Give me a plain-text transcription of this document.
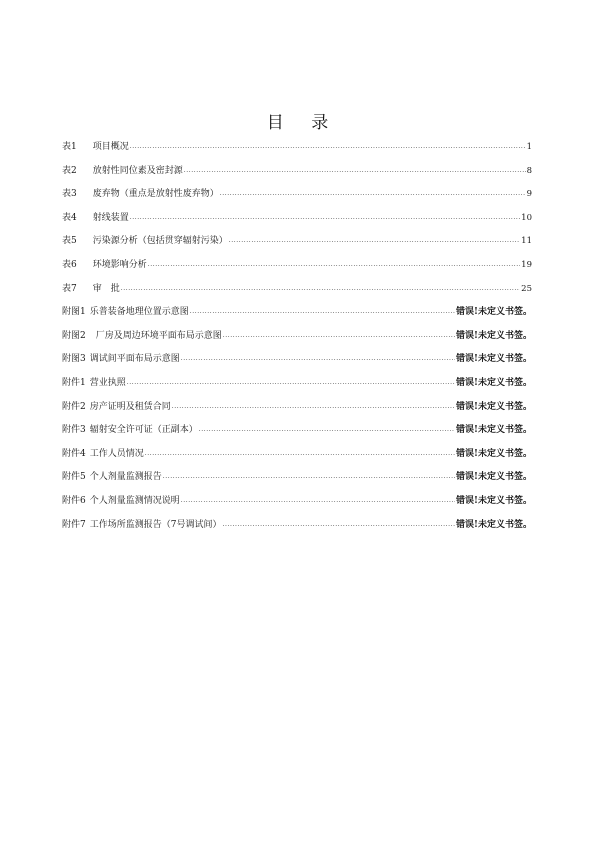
目 录
表1 项目概况 .....	1
表2 放射性同位素及密封源 .....	8
表3 废弃物（重点是放射性废弃物） .....	9
表4 射线装置 .....	10
表5 污染源分析（包括贯穿辐射污染） .....	11
表6 环境影响分析 .....	19
表7 审　批 .....	25
附图1 乐普装备地理位置示意图 .....	错误!未定义书签。
附图2 厂房及周边环境平面布局示意图 .....	错误!未定义书签。
附图3 调试间平面布局示意图 .....	错误!未定义书签。
附件1 营业执照 .....	错误!未定义书签。
附件2 房产证明及租赁合同 .....	错误!未定义书签。
附件3 辐射安全许可证（正副本） .....	错误!未定义书签。
附件4 工作人员情况 .....	错误!未定义书签。
附件5 个人剂量监测报告 .....	错误!未定义书签。
附件6 个人剂量监测情况说明 .....	错误!未定义书签。
附件7 工作场所监测报告（7号调试间） .....	错误!未定义书签。
